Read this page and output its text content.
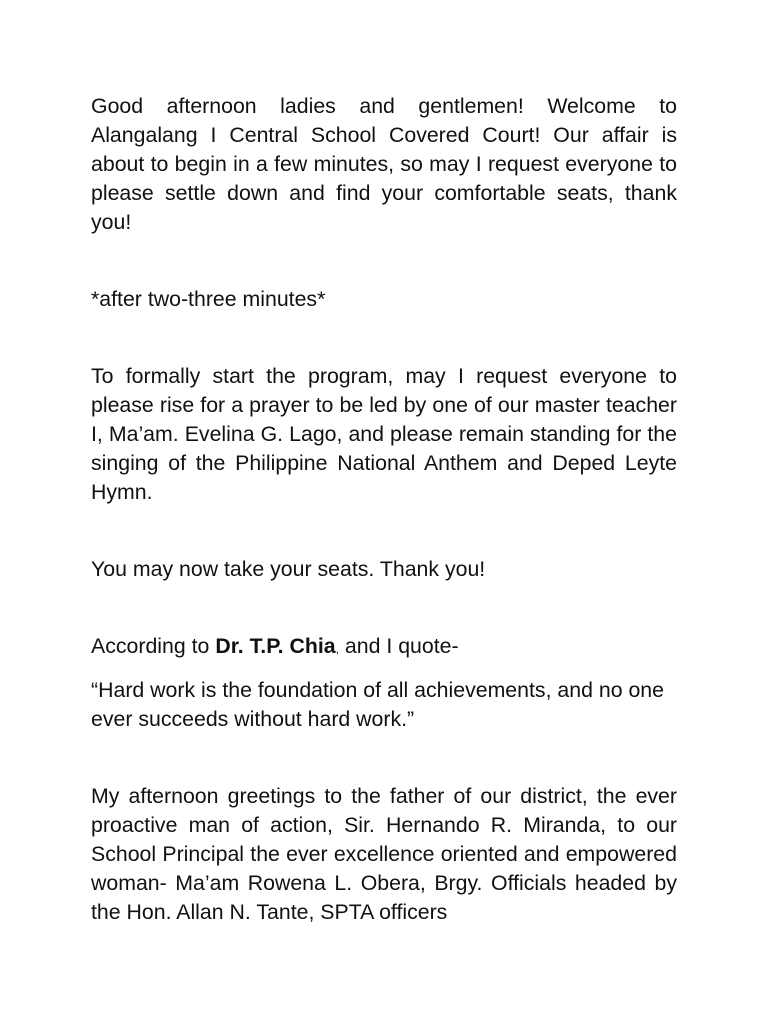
Good afternoon ladies and gentlemen! Welcome to Alangalang I Central School Covered Court! Our affair is about to begin in a few minutes, so may I request everyone to please settle down and find your comfortable seats, thank you!

*after two-three minutes*

To formally start the program, may I request everyone to please rise for a prayer to be led by one of our master teacher I, Ma’am. Evelina G. Lago, and please remain standing for the singing of the Philippine National Anthem and Deped Leyte Hymn.

You may now take your seats. Thank you!

According to Dr. T.P. Chia, and I quote-

“Hard work is the foundation of all achievements, and no one ever succeeds without hard work.”

My afternoon greetings to the father of our district, the ever proactive man of action, Sir. Hernando R. Miranda, to our School Principal the ever excellence oriented and empowered woman- Ma’am Rowena L. Obera, Brgy. Officials headed by the Hon. Allan N. Tante, SPTA officers
